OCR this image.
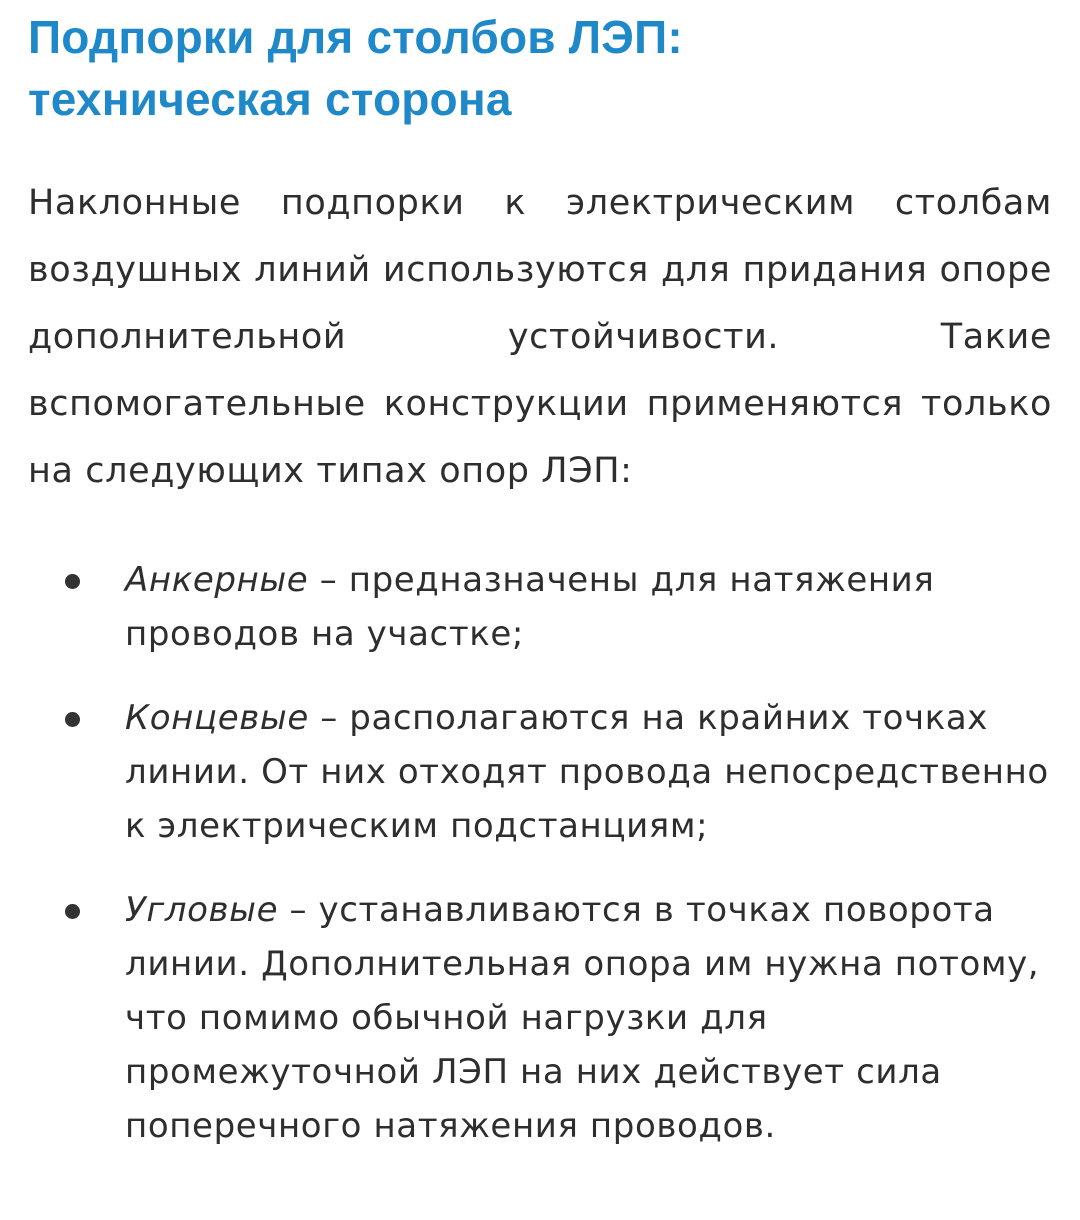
Подпорки для столбов ЛЭП:
техническая сторона

Наклонные подпорки к электрическим столбам воздушных линий используются для придания опоре дополнительной устойчивости. Такие вспомогательные конструкции применяются только на следующих типах опор ЛЭП:

Анкерные – предназначены для натяжения проводов на участке;
Концевые – располагаются на крайних точках линии. От них отходят провода непосредственно к электрическим подстанциям;
Угловые – устанавливаются в точках поворота линии. Дополнительная опора им нужна потому, что помимо обычной нагрузки для промежуточной ЛЭП на них действует сила поперечного натяжения проводов.
